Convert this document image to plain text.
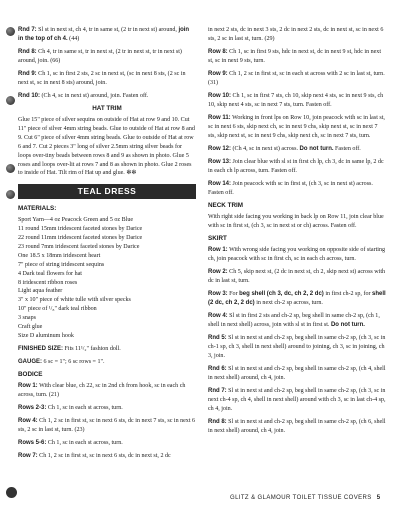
Rnd 7: Sl st in next st, ch 4, tr in same st, (2 tr in next st) around, join in the top of ch 4. (44)

Rnd 8: Ch 4, tr in same st, tr in next st, (2 tr in next st, tr in next st) around, join. (66)

Rnd 9: Ch 1, sc in first 2 sts, 2 sc in next st, (sc in next 8 sts, (2 sc in next st, sc in next 8 sts) around, join.

Rnd 10: (Ch 4, sc in next st) around, join. Fasten off.

HAT TRIM

Glue 15" piece of silver sequins on outside of Hat at row 9 and 10. Cut 11" piece of silver 4mm string beads. Glue to outside of Hat at row 8 and 9. Cut 6" piece of silver 4mm string beads. Glue to outside of Hat at row 6 and 7. Cut 2 pieces 3" long of silver 2.5mm string silver beads for loops over-tiny beads between rows 8 and 9 as shown in photo. Glue 5 roses and loops over-lit at rows 7 and 8 as shown in photo. Glue 2 roses to inside of Hat. Tilt rim of Hat up and glue. ✻✻

TEAL DRESS
MATERIALS:
Sport Yarn—4 oz Peacock Green and 5 oz Blue
11 round 15mm iridescent faceted stones by Darice
22 round 11mm iridescent faceted stones by Darice
23 round 7mm iridescent faceted stones by Darice
One 18.5 x 18mm iridescent heart
7" piece of string iridescent sequins
4 Dark teal flowers for hat
8 iridescent ribbon roses
Light aqua feather
3" x 10" piece of white tulle with silver specks
10" piece of ¹/₈" dark teal ribbon
3 snaps
Craft glue
Size D aluminum hook

FINISHED SIZE: Fits 11¹/₂" fashion doll.

GAUGE: 6 sc = 1"; 6 sc rows = 1".

BODICE

Row 1: With clear blue, ch 22, sc in 2nd ch from hook, sc in each ch across, turn. (21)

Rows 2-3: Ch 1, sc in each st across, turn.

Row 4: Ch 1, 2 sc in first st, sc in next 6 sts, dc in next 7 sts, sc in next 6 sts, 2 sc in last st, turn. (23)

Rows 5-6: Ch 1, sc in each st across, turn.

Row 7: Ch 1, 2 sc in first st, sc in next 6 sts, dc in next st, 2 dc

in next 2 sts, dc in next 3 sts, 2 dc in next 2 sts, dc in next st, sc in next 6 sts, 2 sc in last st, turn. (29)

Row 8: Ch 1, sc in first 9 sts, hdc in next st, dc in next 9 st, hdc in next st, sc in next 9 sts, turn.

Row 9: Ch 1, 2 sc in first st, sc in each st across with 2 sc in last st, turn. (31)

Row 10: Ch 1, sc in first 7 sts, ch 10, skip next 4 sts, sc in next 9 sts, ch 10, skip next 4 sts, sc in next 7 sts, turn. Fasten off.

Row 11: Working in front lps on Row 10, join peacock with sc in last st, sc in next 6 sts, skip next ch, sc in next 9 chs, skip next st, sc in next 7 sts, skip next st, sc in next 9 chs, skip next ch, sc in next 7 sts, turn.

Row 12: (Ch 4, sc in next st) across. Do not turn. Fasten off.

Row 13: Join clear blue with sl st in first ch lp, ch 3, dc in same lp, 2 dc in each ch lp across, turn. Fasten off.

Row 14: Join peacock with sc in first st, (ch 3, sc in next st) across. Fasten off.

NECK TRIM

With right side facing you working in back lp on Row 11, join clear blue with sc in first st, (ch 3, sc in next st or ch) across. Fasten off.

SKIRT

Row 1: With wrong side facing you working on opposite side of starting ch, join peacock with sc in first ch, sc in each ch across, turn.

Row 2: Ch 5, skip next st, (2 dc in next st, ch 2, skip next st) across with dc in last st, turn.

Row 3: For beg shell (ch 3, dc, ch 2, 2 dc) in first ch-2 sp, for shell (2 dc, ch 2, 2 dc) in next ch-2 sp across, turn.

Row 4: Sl st in first 2 sts and ch-2 sp, beg shell in same ch-2 sp, (ch 1, shell in next shell) across, join with sl st in first st. Do not turn.

Rnd 5: Sl st in next st and ch-2 sp, beg shell in same ch-2 sp, (ch 3, sc in ch-1 sp, ch 3, shell in next shell) around to joining, ch 3, sc in joining, ch 3, join.

Rnd 6: Sl st in next st and ch-2 sp, beg shell in same ch-2 sp, (ch 4, shell in next shell) around, ch 4, join.

Rnd 7: Sl st in next st and ch-2 sp, beg shell in same ch-2 sp, (ch 3, sc in next ch-4 sp, ch 4, shell in next shell) around with ch 3, sc in last ch-4 sp, ch 4, join.

Rnd 8: Sl st in next st and ch-2 sp, beg shell in same ch-2 sp, (ch 6, shell in next shell) around, ch 4, join.

GLITZ & GLAMOUR TOILET TISSUE COVERS 5
